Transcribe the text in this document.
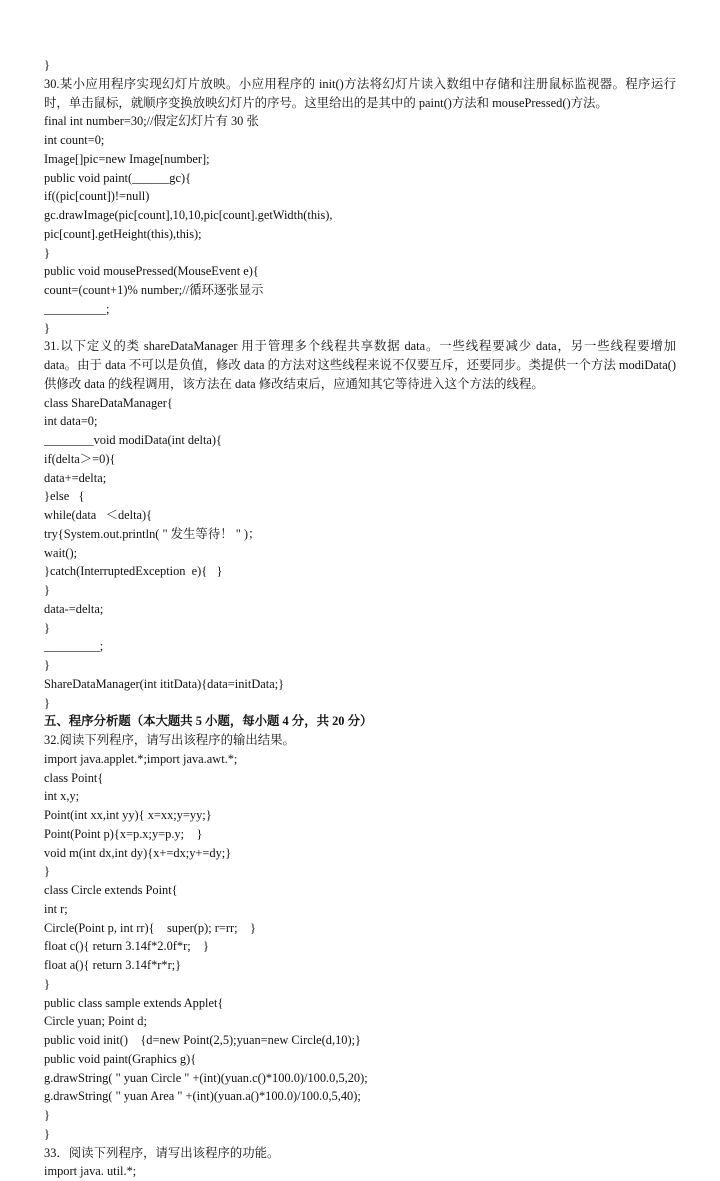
}
30.某小应用程序实现幻灯片放映。小应用程序的 init()方法将幻灯片读入数组中存储和注册鼠标监视器。程序运行时，单击鼠标，就顺序变换放映幻灯片的序号。这里给出的是其中的 paint()方法和 mousePressed()方法。
final int number=30;//假定幻灯片有 30 张
int count=0;
Image[]pic=new Image[number];
public void paint(______gc){
if((pic[count])!=null)
gc.drawImage(pic[count],10,10,pic[count].getWidth(this),
pic[count].getHeight(this),this);
}
public void mousePressed(MouseEvent e){
count=(count+1)% number;//循环逐张显示
__________;
}
31.以下定义的类 shareDataManager 用于管理多个线程共享数据 data。一些线程要减少 data，另一些线程要增加 data。由于 data 不可以是负值，修改 data 的方法对这些线程来说不仅要互斥，还要同步。类提供一个方法 modiData()供修改 data 的线程调用，该方法在 data 修改结束后，应通知其它等待进入这个方法的线程。
class ShareDataManager{
int data=0;
________void modiData(int delta){
if(delta＞=0){
data+=delta;
}else   {
while(data   ＜delta){
try{System.out.println( " 发生等待！ " )；
wait();
}catch(InterruptedException  e){   }
}
data-=delta;
}
_________;
}
ShareDataManager(int ititData){data=initData;}
}
五、程序分析题（本大题共 5 小题，每小题 4 分，共 20 分）
32.阅读下列程序，请写出该程序的输出结果。
import java.applet.*;import java.awt.*;
class Point{
int x,y;
Point(int xx,int yy){ x=xx;y=yy;}
Point(Point p){x=p.x;y=p.y;    }
void m(int dx,int dy){x+=dx;y+=dy;}
}
class Circle extends Point{
int r;
Circle(Point p, int rr){    super(p); r=rr;    }
float c(){ return 3.14f*2.0f*r;    }
float a(){ return 3.14f*r*r;}
}
public class sample extends Applet{
Circle yuan; Point d;
public void init()    {d=new Point(2,5);yuan=new Circle(d,10);}
public void paint(Graphics g){
g.drawString( " yuan Circle " +(int)(yuan.c()*100.0)/100.0,5,20);
g.drawString( " yuan Area " +(int)(yuan.a()*100.0)/100.0,5,40);
}
}
33．阅读下列程序，请写出该程序的功能。
import java. util.*;
